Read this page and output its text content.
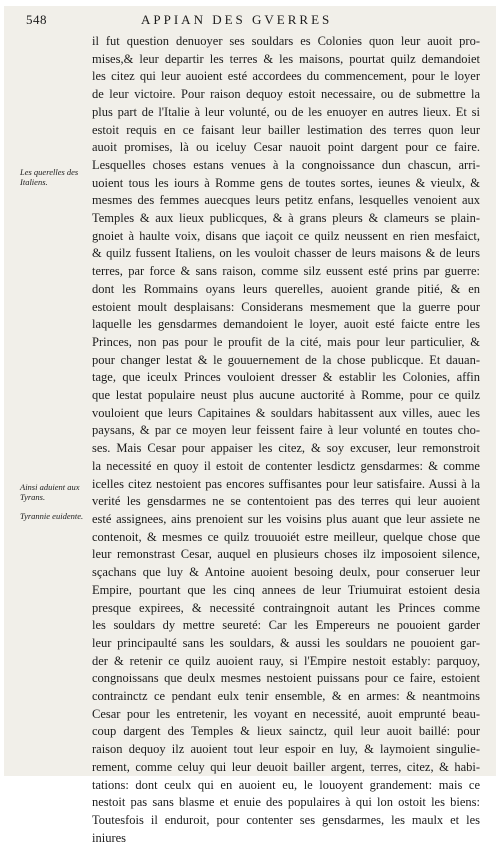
548	APPIAN DES GVERRES
Les querelles des Italiens.
Ainsi aduient aux Tyrans.
Tyrannie euidente.
il fut question denuoyer ses souldars es Colonies quon leur auoit pro-
mises,& leur departir les terres & les maisons, pourtat quilz demandoiet
les citez qui leur auoient esté accordees du commencement, pour le loyer
de leur victoire. Pour raison dequoy estoit necessaire, ou de submettre la
plus part de l'Italie à leur volunté, ou de les enuoyer en autres lieux. Et si
estoit requis en ce faisant leur bailler lestimation des terres quon leur
auoit promises, là ou iceluy Cesar nauoit point dargent pour ce faire.
Lesquelles choses estans venues à la congnoissance dun chascun, arri-
uoient tous les iours à Romme gens de toutes sortes, ieunes & vieulx, &
mesmes des femmes auecques leurs petitz enfans, lesquelles venoient aux
Temples & aux lieux publicques, & à grans pleurs & clameurs se plain-
gnoiet à haulte voix, disans que iaçoit ce quilz neussent en rien mesfaict,
& quilz fussent Italiens, on les vouloit chasser de leurs maisons & de leurs
terres, par force & sans raison, comme silz eussent esté prins par guerre:
dont les Rommains oyans leurs querelles, auoient grande pitié, & en
estoient moult desplaisans: Considerans mesmement que la guerre pour
laquelle les gensdarmes demandoient le loyer, auoit esté faicte entre les
Princes, non pas pour le proufit de la cité, mais pour leur particulier, &
pour changer lestat & le gouuernement de la chose publicque. Et dauan-
tage, que iceulx Princes vouloient dresser & establir les Colonies, affin
que lestat populaire neust plus aucune auctorité à Romme, pour ce quilz
vouloient que leurs Capitaines & souldars habitassent aux villes, auec les
paysans, & par ce moyen leur feissent faire à leur volunté en toutes cho-
ses. Mais Cesar pour appaiser les citez, & soy excuser, leur remonstroit
la necessité en quoy il estoit de contenter lesdictz gensdarmes: & comme
icelles citez nestoient pas encores suffisantes pour leur satisfaire. Aussi à la
verité les gensdarmes ne se contentoient pas des terres qui leur auoient
esté assignees, ains prenoient sur les voisins plus auant que leur assiete ne
contenoit, & mesmes ce quilz trouuoiét estre meilleur, quelque chose que
leur remonstrast Cesar, auquel en plusieurs choses ilz imposoient silence,
sçachans que luy & Antoine auoient besoing deulx, pour conseruer leur
Empire, pourtant que les cinq annees de leur Triumuirat estoient desia
presque expirees, & necessité contraingnoit autant les Princes comme
les souldars dy mettre seureté: Car les Empereurs ne pouoient garder
leur principaulté sans les souldars, & aussi les souldars ne pouoient gar-
der & retenir ce quilz auoient rauy, si l'Empire nestoit estably: parquoy,
congnoissans que deulx mesmes nestoient puissans pour ce faire, estoient
contrainctz ce pendant eulx tenir ensemble, & en armes: & neantmoins
Cesar pour les entretenir, les voyant en necessité, auoit emprunté beau-
coup dargent des Temples & lieux sainctz, quil leur auoit baillé: pour
raison dequoy ilz auoient tout leur espoir en luy, & laymoient singulie-
rement, comme celuy qui leur deuoit bailler argent, terres, citez, & habi-
tations: dont ceulx qui en auoient eu, le louoyent grandement: mais ce
nestoit pas sans blasme et enuie des populaires à qui lon ostoit les biens:
Toutesfois il enduroit, pour contenter ses gensdarmes, les maulx et les
iniures
